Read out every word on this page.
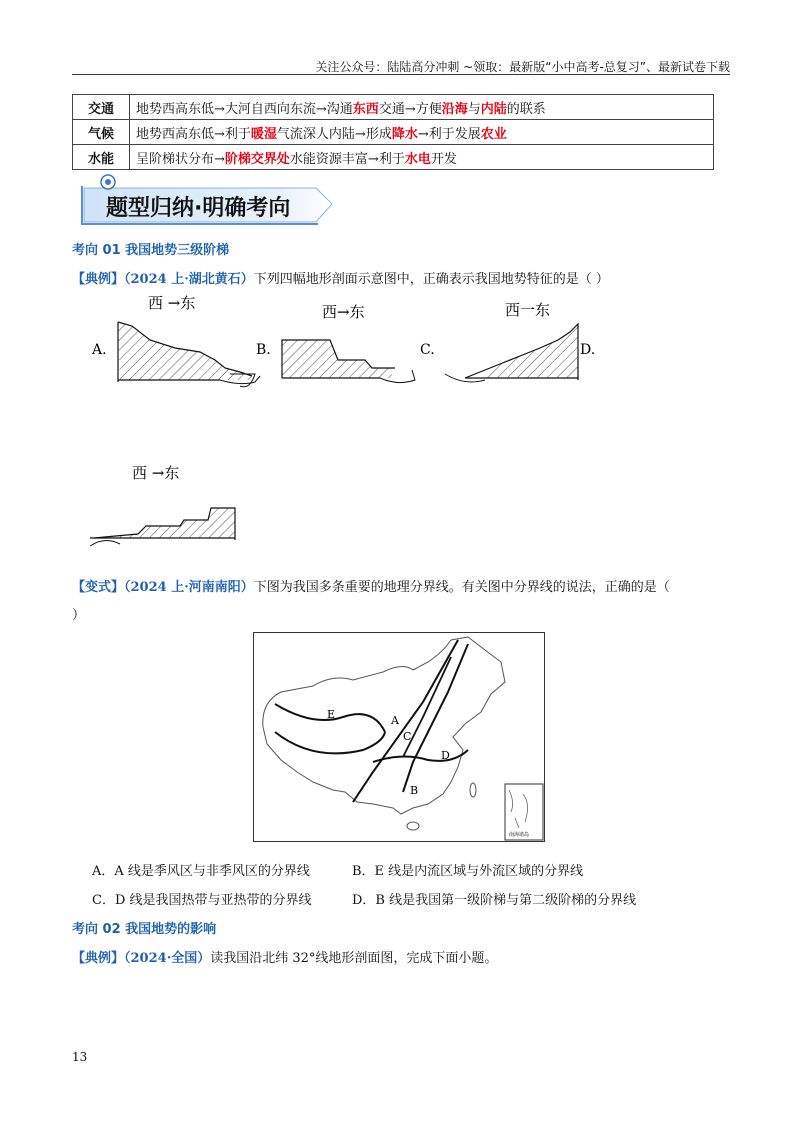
关注公众号：陆陆高分冲刺 ~领取：最新版“小中高考-总复习”、最新试卷下载
交通	地势西高东低→大河自西向东流→沟通东西交通→方便沿海与内陆的联系
气候	地势西高东低→利于暖湿气流深人内陆→形成降水→利于发展农业
水能	呈阶梯状分布→阶梯交界处水能资源丰富→利于水电开发
题型归纳·明确考向
考向 01 我国地势三级阶梯
【典例】（2024 上·湖北黄石）下列四幅地形剖面示意图中，正确表示我国地势特征的是（ ）
西 →东
A.
西→东
B.
西一东
C.	D.
西 →东
【变式】（2024 上·河南南阳）下图为我国多条重要的地理分界线。有关图中分界线的说法，正确的是（
）
E	A
C
D
B
南海诸岛
A．A 线是季风区与非季风区的分界线	B．E 线是内流区域与外流区域的分界线
C．D 线是我国热带与亚热带的分界线	D．B 线是我国第一级阶梯与第二级阶梯的分界线
考向 02 我国地势的影响
【典例】（2024·全国）读我国沿北纬 32°线地形剖面图，完成下面小题。
13
